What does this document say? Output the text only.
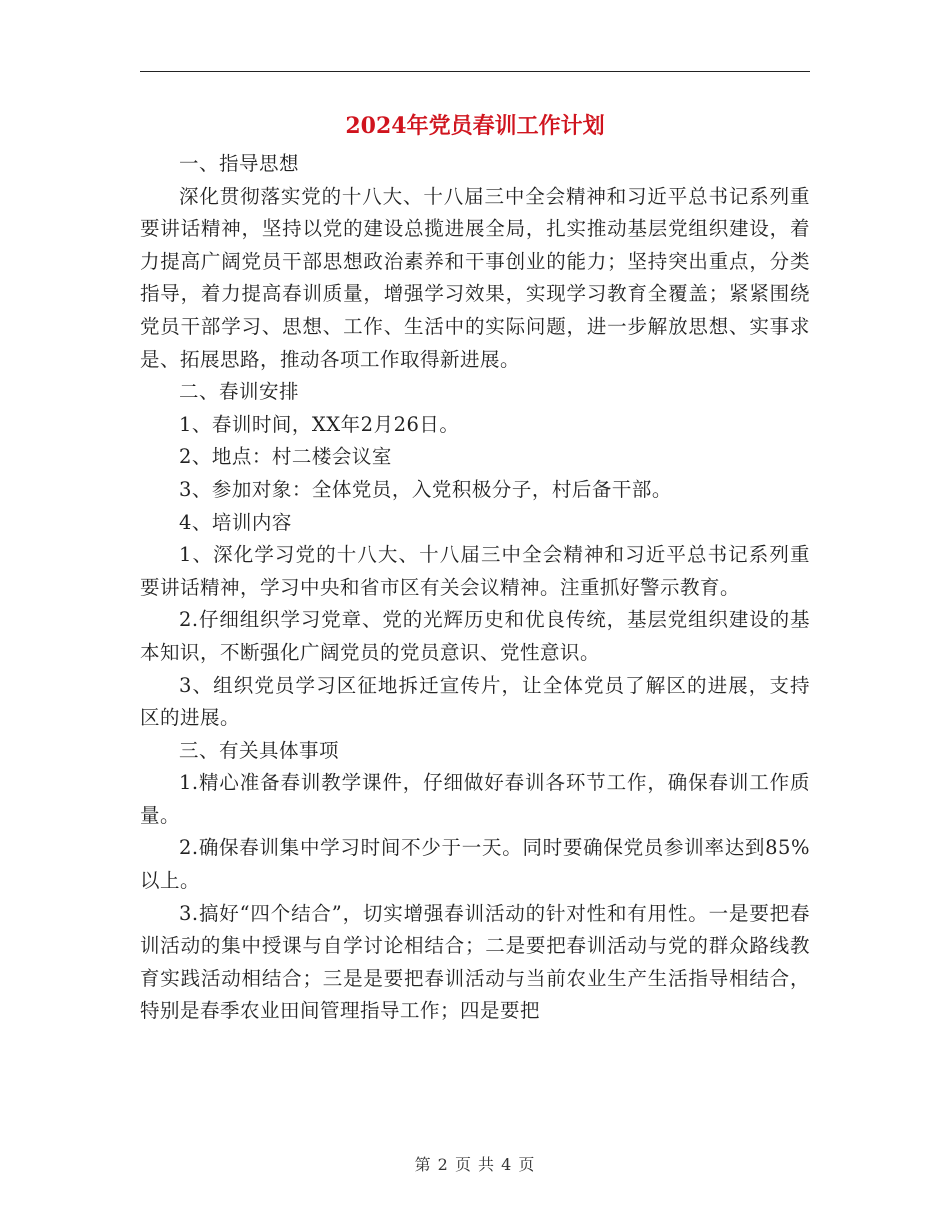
2024年党员春训工作计划

一、指导思想

深化贯彻落实党的十八大、十八届三中全会精神和习近平总书记系列重要讲话精神，坚持以党的建设总揽进展全局，扎实推动基层党组织建设，着力提高广阔党员干部思想政治素养和干事创业的能力；坚持突出重点，分类指导，着力提高春训质量，增强学习效果，实现学习教育全覆盖；紧紧围绕党员干部学习、思想、工作、生活中的实际问题，进一步解放思想、实事求是、拓展思路，推动各项工作取得新进展。

二、春训安排

1、春训时间，XX年2月26日。

2、地点：村二楼会议室

3、参加对象：全体党员，入党积极分子，村后备干部。

4、培训内容

1、深化学习党的十八大、十八届三中全会精神和习近平总书记系列重要讲话精神，学习中央和省市区有关会议精神。注重抓好警示教育。

2.仔细组织学习党章、党的光辉历史和优良传统，基层党组织建设的基本知识，不断强化广阔党员的党员意识、党性意识。

3、组织党员学习区征地拆迁宣传片，让全体党员了解区的进展，支持区的进展。

三、有关具体事项

1.精心准备春训教学课件，仔细做好春训各环节工作，确保春训工作质量。

2.确保春训集中学习时间不少于一天。同时要确保党员参训率达到85%以上。

3.搞好“四个结合”，切实增强春训活动的针对性和有用性。一是要把春训活动的集中授课与自学讨论相结合；二是要把春训活动与党的群众路线教育实践活动相结合；三是是要把春训活动与当前农业生产生活指导相结合，特别是春季农业田间管理指导工作；四是要把

第 2 页 共 4 页
